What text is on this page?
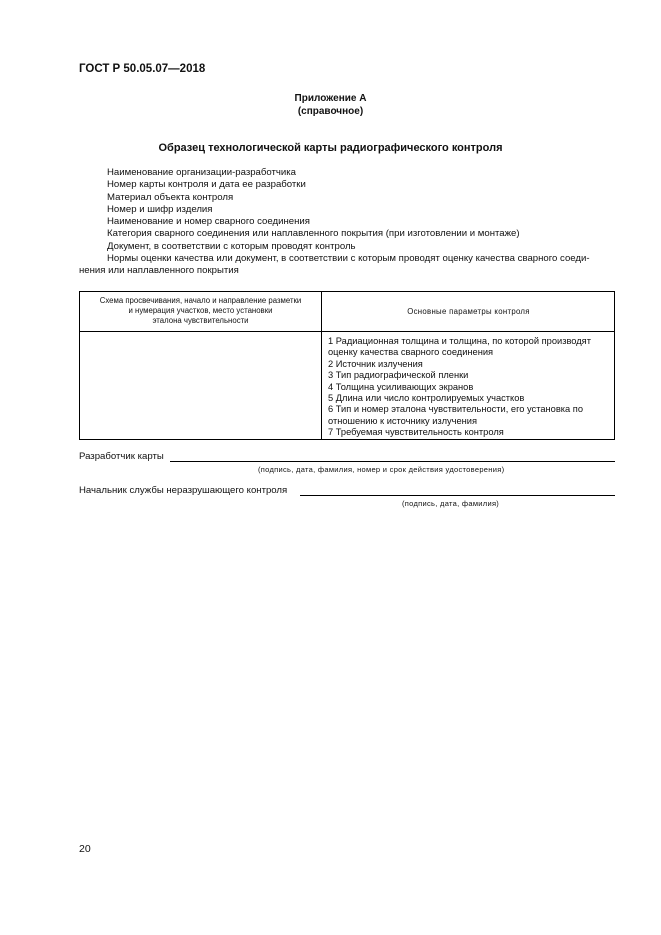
ГОСТ Р 50.05.07—2018
Приложение А
(справочное)
Образец технологической карты радиографического контроля
Наименование организации-разработчика
Номер карты контроля и дата ее разработки
Материал объекта контроля
Номер и шифр изделия
Наименование и номер сварного соединения
Категория сварного соединения или наплавленного покрытия (при изготовлении и монтаже)
Документ, в соответствии с которым проводят контроль
Нормы оценки качества или документ, в соответствии с которым проводят оценку качества сварного соеди-
нения или наплавленного покрытия
Схема просвечивания, начало и направление разметки
и нумерация участков, место установки
эталона чувствительности
Основные параметры контроля
1 Радиационная толщина и толщина, по которой производят
оценку качества сварного соединения
2 Источник излучения
3 Тип радиографической пленки
4 Толщина усиливающих экранов
5 Длина или число контролируемых участков
6 Тип и номер эталона чувствительности, его установка по
отношению к источнику излучения
7 Требуемая чувствительность контроля
Разработчик карты
(подпись, дата, фамилия, номер и срок действия удостоверения)
Начальник службы неразрушающего контроля
(подпись, дата, фамилия)
20
